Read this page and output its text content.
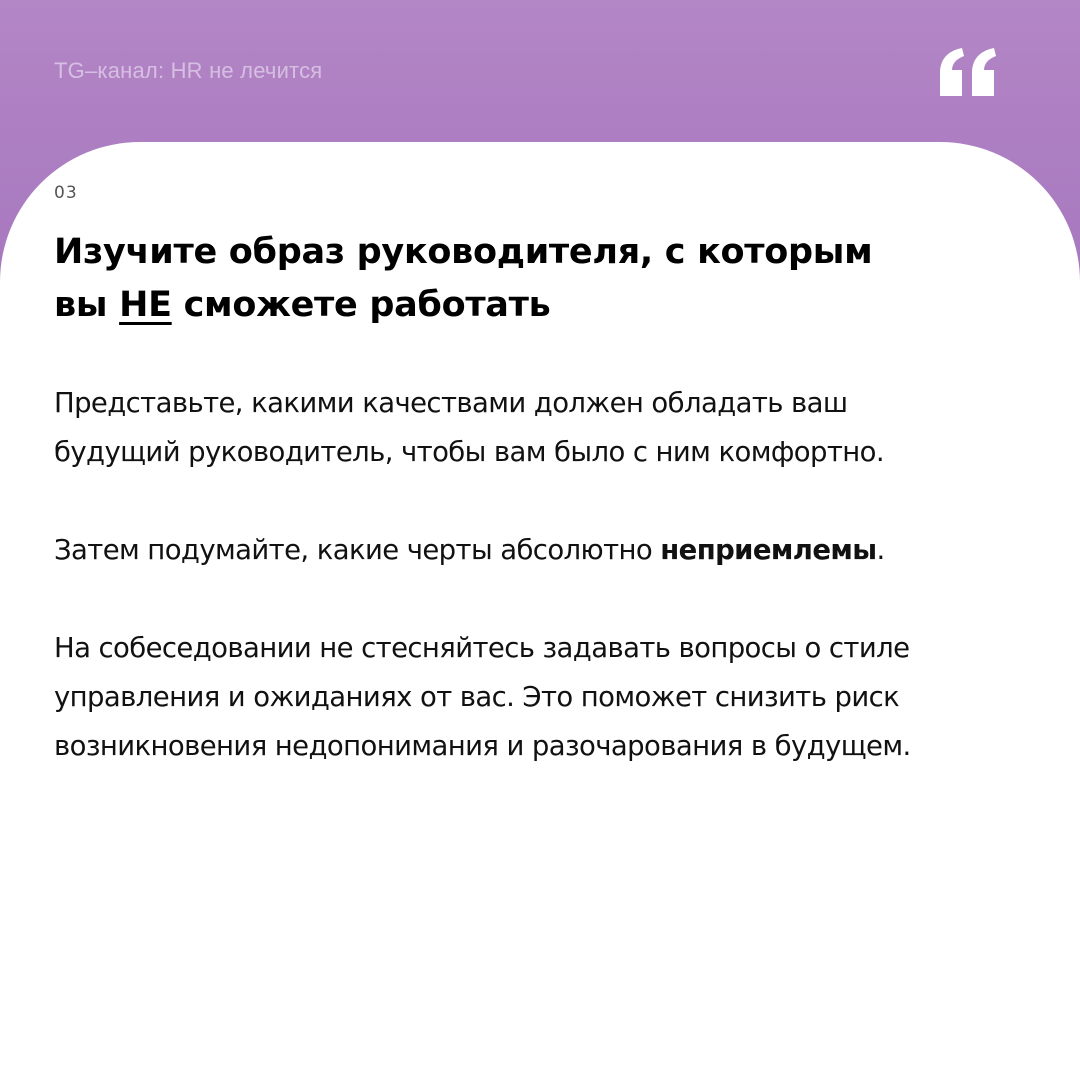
TG–канал: HR не лечится
03
Изучите образ руководителя, с которым
вы НЕ сможете работать

Представьте, какими качествами должен обладать ваш
будущий руководитель, чтобы вам было с ним комфортно.

Затем подумайте, какие черты абсолютно неприемлемы.

На собеседовании не стесняйтесь задавать вопросы о стиле
управления и ожиданиях от вас. Это поможет снизить риск
возникновения недопонимания и разочарования в будущем.
